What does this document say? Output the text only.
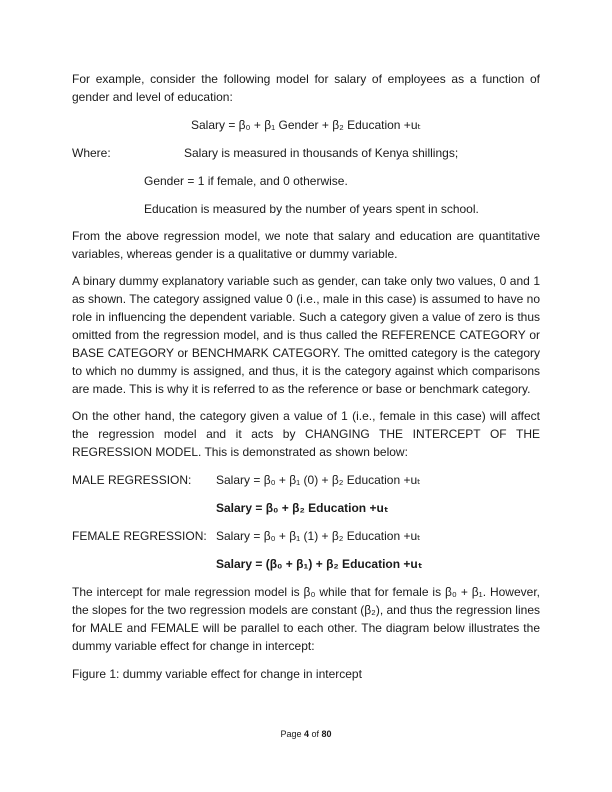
For example, consider the following model for salary of employees as a function of gender and level of education:

Salary = β₀ + β₁ Gender + β₂ Education +uₜ

Where:	Salary is measured in thousands of Kenya shillings;

Gender = 1 if female, and 0 otherwise.

Education is measured by the number of years spent in school.

From the above regression model, we note that salary and education are quantitative variables, whereas gender is a qualitative or dummy variable.

A binary dummy explanatory variable such as gender, can take only two values, 0 and 1 as shown. The category assigned value 0 (i.e., male in this case) is assumed to have no role in influencing the dependent variable. Such a category given a value of zero is thus omitted from the regression model, and is thus called the REFERENCE CATEGORY or BASE CATEGORY or BENCHMARK CATEGORY. The omitted category is the category to which no dummy is assigned, and thus, it is the category against which comparisons are made. This is why it is referred to as the reference or base or benchmark category.

On the other hand, the category given a value of 1 (i.e., female in this case) will affect the regression model and it acts by CHANGING THE INTERCEPT OF THE REGRESSION MODEL. This is demonstrated as shown below:

MALE REGRESSION:	Salary = β₀ + β₁ (0) + β₂ Education +uₜ
Salary = β₀ + β₂ Education +uₜ
FEMALE REGRESSION: Salary = β₀ + β₁ (1) + β₂ Education +uₜ
Salary = (β₀ + β₁) + β₂ Education +uₜ

The intercept for male regression model is β₀ while that for female is β₀ + β₁. However, the slopes for the two regression models are constant (β₂), and thus the regression lines for MALE and FEMALE will be parallel to each other. The diagram below illustrates the dummy variable effect for change in intercept:

Figure 1: dummy variable effect for change in intercept

Page 4 of 80
